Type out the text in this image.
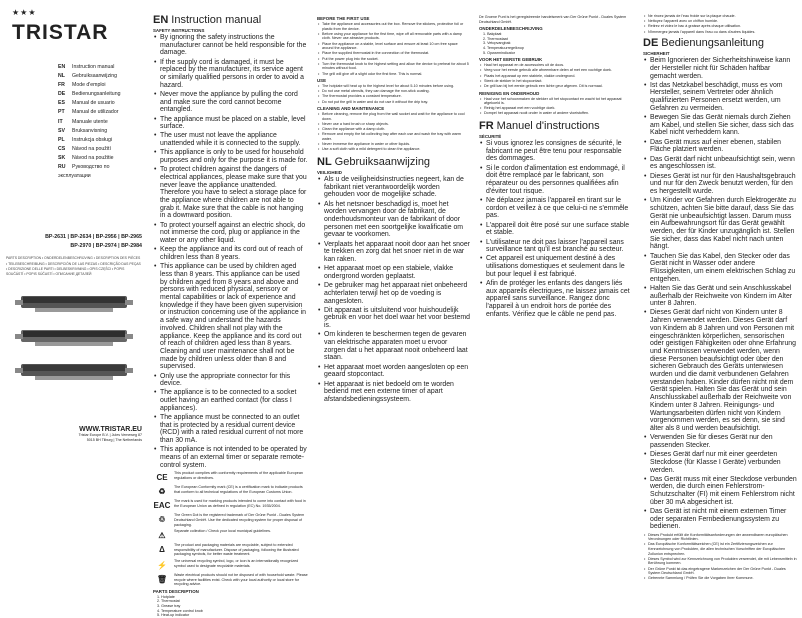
★★★
TRISTAR
EN Instruction manual
NL Gebruiksaanwijzing
FR Mode d'emploi
DE Bedienungsanleitung
ES Manual de usuario
PT Manual de utilizador
IT Manuale utente
SV Bruksanvisning
PL Instrukcja obsługi
CS Návod na použití
SK Návod na použitie
RU Руководство по эксплуатации
BP-2631 | BP-2634 | BP-2956 | BP-2965
BP-2970 | BP-2974 | BP-2984
PARTS DESCRIPTION • ONDERDELENBESCHRIJVING • DESCRIPTION DES PIÈCES • TEILEBESCHREIBUNG • DESCRIPCIÓN DE LAS PIEZAS • DESCRIÇÃO DAS PEÇAS • DESCRIZIONE DELLE PARTI • DELBESKRIVNING • OPIS CZĘŚCI • POPIS SOUČÁSTÍ • POPIS SÚČASTÍ • ОПИСАНИЕ ДЕТАЛЕЙ
WWW.TRISTAR.EU
Tristar Europe B.V. | Jules Verneweg 87
5015 BH Tilburg | The Netherlands
EN Instruction manual
SAFETY INSTRUCTIONS
• By ignoring the safety instructions the manufacturer cannot be held responsible for the damage.
• If the supply cord is damaged, it must be replaced by the manufacturer, its service agent or similarly qualified persons in order to avoid a hazard.
• Never move the appliance by pulling the cord and make sure the cord cannot become entangled.
• The appliance must be placed on a stable, level surface.
• The user must not leave the appliance unattended while it is connected to the supply.
• This appliance is only to be used for household purposes and only for the purpose it is made for.
• To protect children against the dangers of electrical appliances, please make sure that you never leave the appliance unattended. Therefore you have to select a storage place for the appliance where children are not able to grab it. Make sure that the cable is not hanging in a downward position.
• To protect yourself against an electric shock, do not immerse the cord, plug or appliance in the water or any other liquid.
• Keep the appliance and its cord out of reach of children less than 8 years.
• This appliance can be used by children aged less than 8 years. This appliance can be used by children aged from 8 years and above and persons with reduced physical, sensory or mental capabilities or lack of experience and knowledge if they have been given supervision or instruction concerning use of the appliance in a safe way and understand the hazards involved. Children shall not play with the appliance. Keep the appliance and its cord out of reach of children aged less than 8 years. Cleaning and user maintenance shall not be made by children unless older than 8 and supervised.
• Only use the appropriate connector for this device.
• The appliance is to be connected to a socket outlet having an earthed contact (for class I appliances).
• The appliance must be connected to an outlet that is protected by a residual current device (RCD) with a rated residual current of not more than 30 mA.
• This appliance is not intended to be operated by means of an external timer or separate remote-control system.
CE	This product complies with conformity requirements of the applicable European regulations or directives.
♻	The European Conformity mark (CE) is a certification mark to indicate products that conform to all technical regulations of the European Customs Union.
EAC The mark is used for marking products intended to come into contact with food in the European Union as defined in regulation (EC) No. 1935/2004.
♲	The Green Dot is the registered trademark of Der Grüne Punkt - Duales System Deutschland GmbH. Use the dedicated recycling system for proper disposal of packaging.
⚠	Separate collection / Check your local municipal guidelines.
Δ	The product and packaging materials are recyclable, subject to extended responsibility of manufacturer. Dispose of packaging, following the illustrated packaging symbols, for better waste treatment.
⚡	The universal recycling symbol, logo, or icon is an internationally recognized symbol used to designate recyclable materials.
🗑	Waste electrical products should not be disposed of with household waste. Please recycle where facilities exist. Check with your local authority or local store for recycling advice.
PARTS DESCRIPTION
1. Hotplate
2. Thermostat
3. Grease tray
4. Temperature control knob
5. Heat-up indicator
BEFORE THE FIRST USE
• Take the appliance and accessories out the box. Remove the stickers, protective foil or plastic from the device.
• Before using your appliance for the first time, wipe off all removable parts with a damp cloth. Never use abrasive products.
• Place the appliance on a stable, level surface and ensure at least 10 cm free space around the appliance.
• Place the supplied thermostat in the connection of the thermostat.
• Put the power plug into the socket.
• Turn the thermostat knob to the highest setting and allow the device to preheat for about 5 minutes without food.
• The grill will give off a slight odor the first time. This is normal.
USE
• The hotplate will heat up to the highest level for about 5-10 minutes before using.
• Do not use metal utensils, they can damage the non-stick coating.
• The thermostat provides a constant temperature.
• Do not put the grill in water and do not use it without the drip tray.
CLEANING AND MAINTENANCE
• Before cleaning, remove the plug from the wall socket and wait for the appliance to cool down.
• Never use a hard brush or sharp objects.
• Clean the appliance with a damp cloth.
• Remove and empty the fat collecting tray after each use and wash the tray with warm water.
• Never immerse the appliance in water or other liquids.
• Use a soft cloth with a mild detergent to clean the appliance.
NL Gebruiksaanwijzing
VEILIGHEID
• Als u de veiligheidsinstructies negeert, kan de fabrikant niet verantwoordelijk worden gehouden voor de mogelijke schade.
• Als het netsnoer beschadigd is, moet het worden vervangen door de fabrikant, de onderhoudsmonteur van de fabrikant of door personen met een soortgelijke kwalificatie om gevaar te voorkomen.
• Verplaats het apparaat nooit door aan het snoer te trekken en zorg dat het snoer niet in de war kan raken.
• Het apparaat moet op een stabiele, vlakke ondergrond worden geplaatst.
• De gebruiker mag het apparaat niet onbeheerd achterlaten terwijl het op de voeding is aangesloten.
• Dit apparaat is uitsluitend voor huishoudelijk gebruik en voor het doel waar het voor bestemd is.
• Om kinderen te beschermen tegen de gevaren van elektrische apparaten moet u ervoor zorgen dat u het apparaat nooit onbeheerd laat staan.
• Het apparaat moet worden aangesloten op een geaard stopcontact.
• Het apparaat is niet bedoeld om te worden bediend met een externe timer of apart afstandsbedieningssysteem.
De Groene Punt is het geregistreerde handelsmerk van Der Grüne Punkt - Duales System Deutschland GmbH.
ONDERDELENBESCHRIJVING
1. Bakplaat
2. Thermostaat
3. Vetopvangbak
4. Temperatuurregelknop
5. Opwarmindicator
VOOR HET EERSTE GEBRUIK
• Haal het apparaat en de accessoires uit de doos.
• Veeg voor het eerste gebruik alle afneembare delen af met een vochtige doek.
• Plaats het apparaat op een stabiele, vlakke ondergrond.
• Steek de stekker in het stopcontact.
• De grill kan bij het eerste gebruik een lichte geur afgeven. Dit is normaal.
REINIGING EN ONDERHOUD
• Haal voor het schoonmaken de stekker uit het stopcontact en wacht tot het apparaat afgekoeld is.
• Reinig het apparaat met een vochtige doek.
• Dompel het apparaat nooit onder in water of andere vloeistoffen.
FR Manuel d'instructions
SÉCURITÉ
• Si vous ignorez les consignes de sécurité, le fabricant ne peut être tenu pour responsable des dommages.
• Si le cordon d'alimentation est endommagé, il doit être remplacé par le fabricant, son réparateur ou des personnes qualifiées afin d'éviter tout risque.
• Ne déplacez jamais l'appareil en tirant sur le cordon et veillez à ce que celui-ci ne s'emmêle pas.
• L'appareil doit être posé sur une surface stable et stable.
• L'utilisateur ne doit pas laisser l'appareil sans surveillance tant qu'il est branché au secteur.
• Cet appareil est uniquement destiné à des utilisations domestiques et seulement dans le but pour lequel il est fabriqué.
• Afin de protéger les enfants des dangers liés aux appareils électriques, ne laissez jamais cet appareil sans surveillance. Rangez donc l'appareil à un endroit hors de portée des enfants. Vérifiez que le câble ne pend pas.
• Ne rincez jamais de l'eau froide sur la plaque chaude.
• Nettoyez l'appareil avec un chiffon humide.
• Retirez et videz le bac à graisse après chaque utilisation.
• N'immergez jamais l'appareil dans l'eau ou dans d'autres liquides.
DE Bedienungsanleitung
SICHERHEIT
• Beim Ignorieren der Sicherheitshinweise kann der Hersteller nicht für Schäden haftbar gemacht werden.
• Ist das Netzkabel beschädigt, muss es vom Hersteller, seinem Vertreter oder ähnlich qualifizierten Personen ersetzt werden, um Gefahren zu vermeiden.
• Bewegen Sie das Gerät niemals durch Ziehen am Kabel, und stellen Sie sicher, dass sich das Kabel nicht verheddern kann.
• Das Gerät muss auf einer ebenen, stabilen Fläche platziert werden.
• Das Gerät darf nicht unbeaufsichtigt sein, wenn es angeschlossen ist.
• Dieses Gerät ist nur für den Haushaltsgebrauch und nur für den Zweck benutzt werden, für den es hergestellt wurde.
• Um Kinder vor Gefahren durch Elektrogeräte zu schützen, achten Sie bitte darauf, dass Sie das Gerät nie unbeaufsichtigt lassen. Darum muss ein Aufbewahrungsort für das Gerät gewählt werden, der für Kinder unzugänglich ist. Stellen Sie sicher, dass das Kabel nicht nach unten hängt.
• Tauchen Sie das Kabel, den Stecker oder das Gerät nicht in Wasser oder andere Flüssigkeiten, um einem elektrischen Schlag zu entgehen.
• Halten Sie das Gerät und sein Anschlusskabel außerhalb der Reichweite von Kindern im Alter unter 8 Jahren.
• Dieses Gerät darf nicht von Kindern unter 8 Jahren verwendet werden. Dieses Gerät darf von Kindern ab 8 Jahren und von Personen mit eingeschränkten körperlichen, sensorischen oder geistigen Fähigkeiten oder ohne Erfahrung und Kenntnissen verwendet werden, wenn diese Personen beaufsichtigt oder über den sicheren Gebrauch des Geräts unterwiesen wurden und die damit verbundenen Gefahren verstanden haben. Kinder dürfen nicht mit dem Gerät spielen. Halten Sie das Gerät und sein Anschlusskabel außerhalb der Reichweite von Kindern unter 8 Jahren. Reinigungs- und Wartungsarbeiten dürfen nicht von Kindern vorgenommen werden, es sei denn, sie sind älter als 8 und werden beaufsichtigt.
• Verwenden Sie für dieses Gerät nur den passenden Stecker.
• Dieses Gerät darf nur mit einer geerdeten Steckdose (für Klasse I Geräte) verbunden werden.
• Das Gerät muss mit einer Steckdose verbunden werden, die durch einen Fehlerstrom-Schutzschalter (FI) mit einem Fehlerstrom nicht über 30 mA abgesichert ist.
• Das Gerät ist nicht mit einem externen Timer oder separaten Fernbedienungssystem zu bedienen.
• Dieses Produkt erfüllt die Konformitätsanforderungen der anwendbaren europäischen Verordnungen oder Richtlinien.
• Das Europäische Konformitätszeichen (CE) ist ein Zertifizierungszeichen zur Kennzeichnung von Produkten, die allen technischen Vorschriften der Europäischen Zollunion entsprechen.
• Dieses Symbol wird zur Kennzeichnung von Produkten verwendet, die mit Lebensmitteln in Berührung kommen.
• Der Grüne Punkt ist das eingetragene Markenzeichen der Der Grüne Punkt - Duales System Deutschland GmbH.
• Getrennte Sammlung / Prüfen Sie die Vorgaben Ihrer Kommune.
